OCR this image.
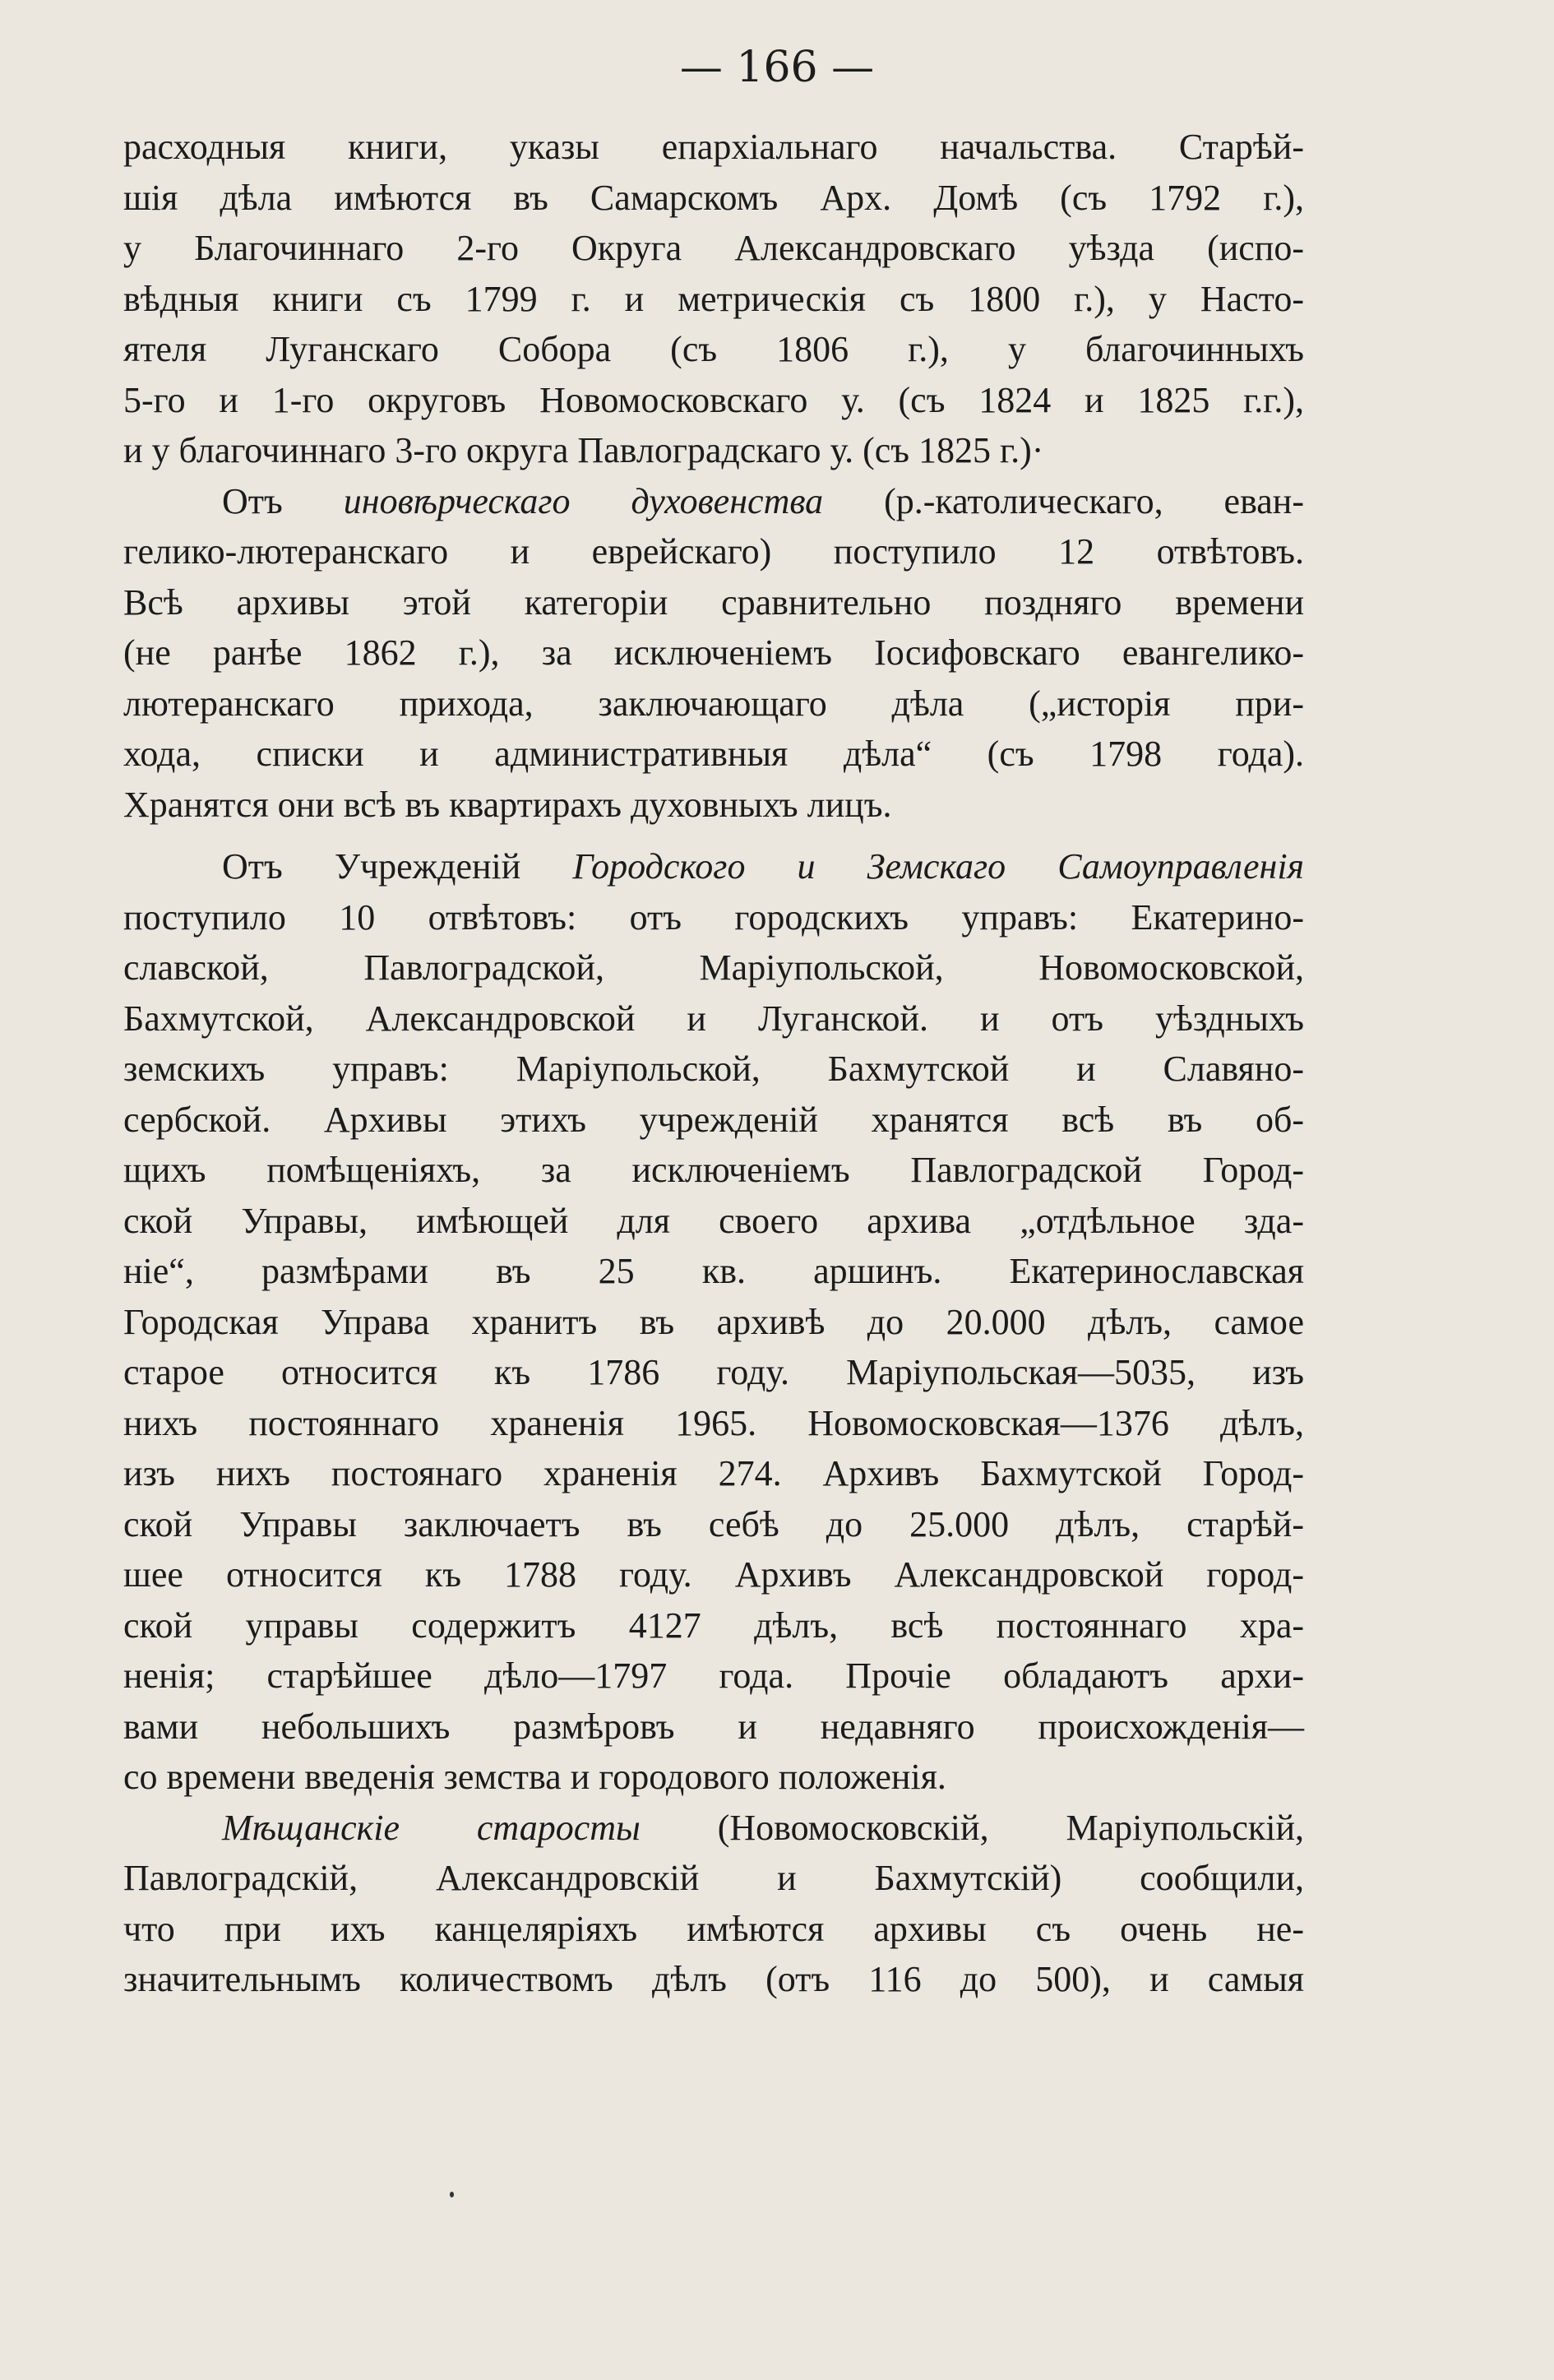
— 166 —
расходныя книги, указы епархіальнаго начальства. Старѣй-
шія дѣла имѣются въ Самарскомъ Арх. Домѣ (съ 1792 г.),
у Благочиннаго 2-го Округа Александровскаго уѣзда (испо-
вѣдныя книги съ 1799 г. и метрическія съ 1800 г.), у Насто-
ятеля Луганскаго Собора (съ 1806 г.), у благочинныхъ
5-го и 1-го округовъ Новомосковскаго у. (съ 1824 и 1825 г.г.),
и у благочиннаго 3-го округа Павлоградскаго у. (съ 1825 г.)·
Отъ иновѣрческаго духовенства (р.-католическаго, еван-
гелико-лютеранскаго и еврейскаго) поступило 12 отвѣтовъ.
Всѣ архивы этой категоріи сравнительно поздняго времени
(не ранѣе 1862 г.), за исключеніемъ Іосифовскаго евангелико-
лютеранскаго прихода, заключающаго дѣла („исторія при-
хода, списки и административныя дѣла“ (съ 1798 года).
Хранятся они всѣ въ квартирахъ духовныхъ лицъ.
Отъ Учрежденій Городского и Земскаго Самоуправленія
поступило 10 отвѣтовъ: отъ городскихъ управъ: Екатерино-
славской, Павлоградской, Маріупольской, Новомосковской,
Бахмутской, Александровской и Луганской. и отъ уѣздныхъ
земскихъ управъ: Маріупольской, Бахмутской и Славяно-
сербской. Архивы этихъ учрежденій хранятся всѣ въ об-
щихъ помѣщеніяхъ, за исключеніемъ Павлоградской Город-
ской Управы, имѣющей для своего архива „отдѣльное зда-
ніе“, размѣрами въ 25 кв. аршинъ. Екатеринославская
Городская Управа хранитъ въ архивѣ до 20.000 дѣлъ, самое
старое относится къ 1786 году. Маріупольская—5035, изъ
нихъ постояннаго храненія 1965. Новомосковская—1376 дѣлъ,
изъ нихъ постоянаго храненія 274. Архивъ Бахмутской Город-
ской Управы заключаетъ въ себѣ до 25.000 дѣлъ, старѣй-
шее относится къ 1788 году. Архивъ Александровской город-
ской управы содержитъ 4127 дѣлъ, всѣ постояннаго хра-
ненія; старѣйшее дѣло—1797 года. Прочіе обладаютъ архи-
вами небольшихъ размѣровъ и недавняго происхожденія—
со времени введенія земства и городового положенія.
Мѣщанскіе старосты (Новомосковскій, Маріупольскій,
Павлоградскій, Александровскій и Бахмутскій) сообщили,
что при ихъ канцеляріяхъ имѣются архивы съ очень не-
значительнымъ количествомъ дѣлъ (отъ 116 до 500), и самыя
